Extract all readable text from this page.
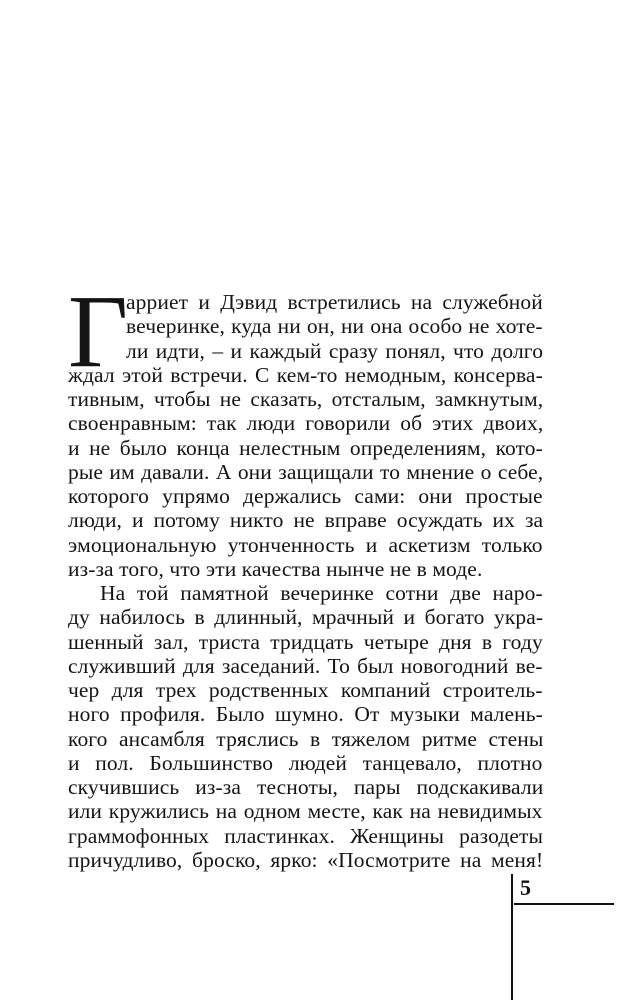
Г
арриет и Дэвид встретились на служебной
вечеринке, куда ни он, ни она особо не хоте-
ли идти, – и каждый сразу понял, что долго
ждал этой встречи. С кем-то немодным, консерва-
тивным, чтобы не сказать, отсталым, замкнутым,
своенравным: так люди говорили об этих двоих,
и не было конца нелестным определениям, кото-
рые им давали. А они защищали то мнение о себе,
которого упрямо держались сами: они простые
люди, и потому никто не вправе осуждать их за
эмоциональную утонченность и аскетизм только
из-за того, что эти качества нынче не в моде.
На той памятной вечеринке сотни две наро-
ду набилось в длинный, мрачный и богато укра-
шенный зал, триста тридцать четыре дня в году
служивший для заседаний. То был новогодний ве-
чер для трех родственных компаний строитель-
ного профиля. Было шумно. От музыки малень-
кого ансамбля тряслись в тяжелом ритме стены
и пол. Большинство людей танцевало, плотно
скучившись из-за тесноты, пары подскакивали
или кружились на одном месте, как на невидимых
граммофонных пластинках. Женщины разодеты
причудливо, броско, ярко: «Посмотрите на меня!
5
